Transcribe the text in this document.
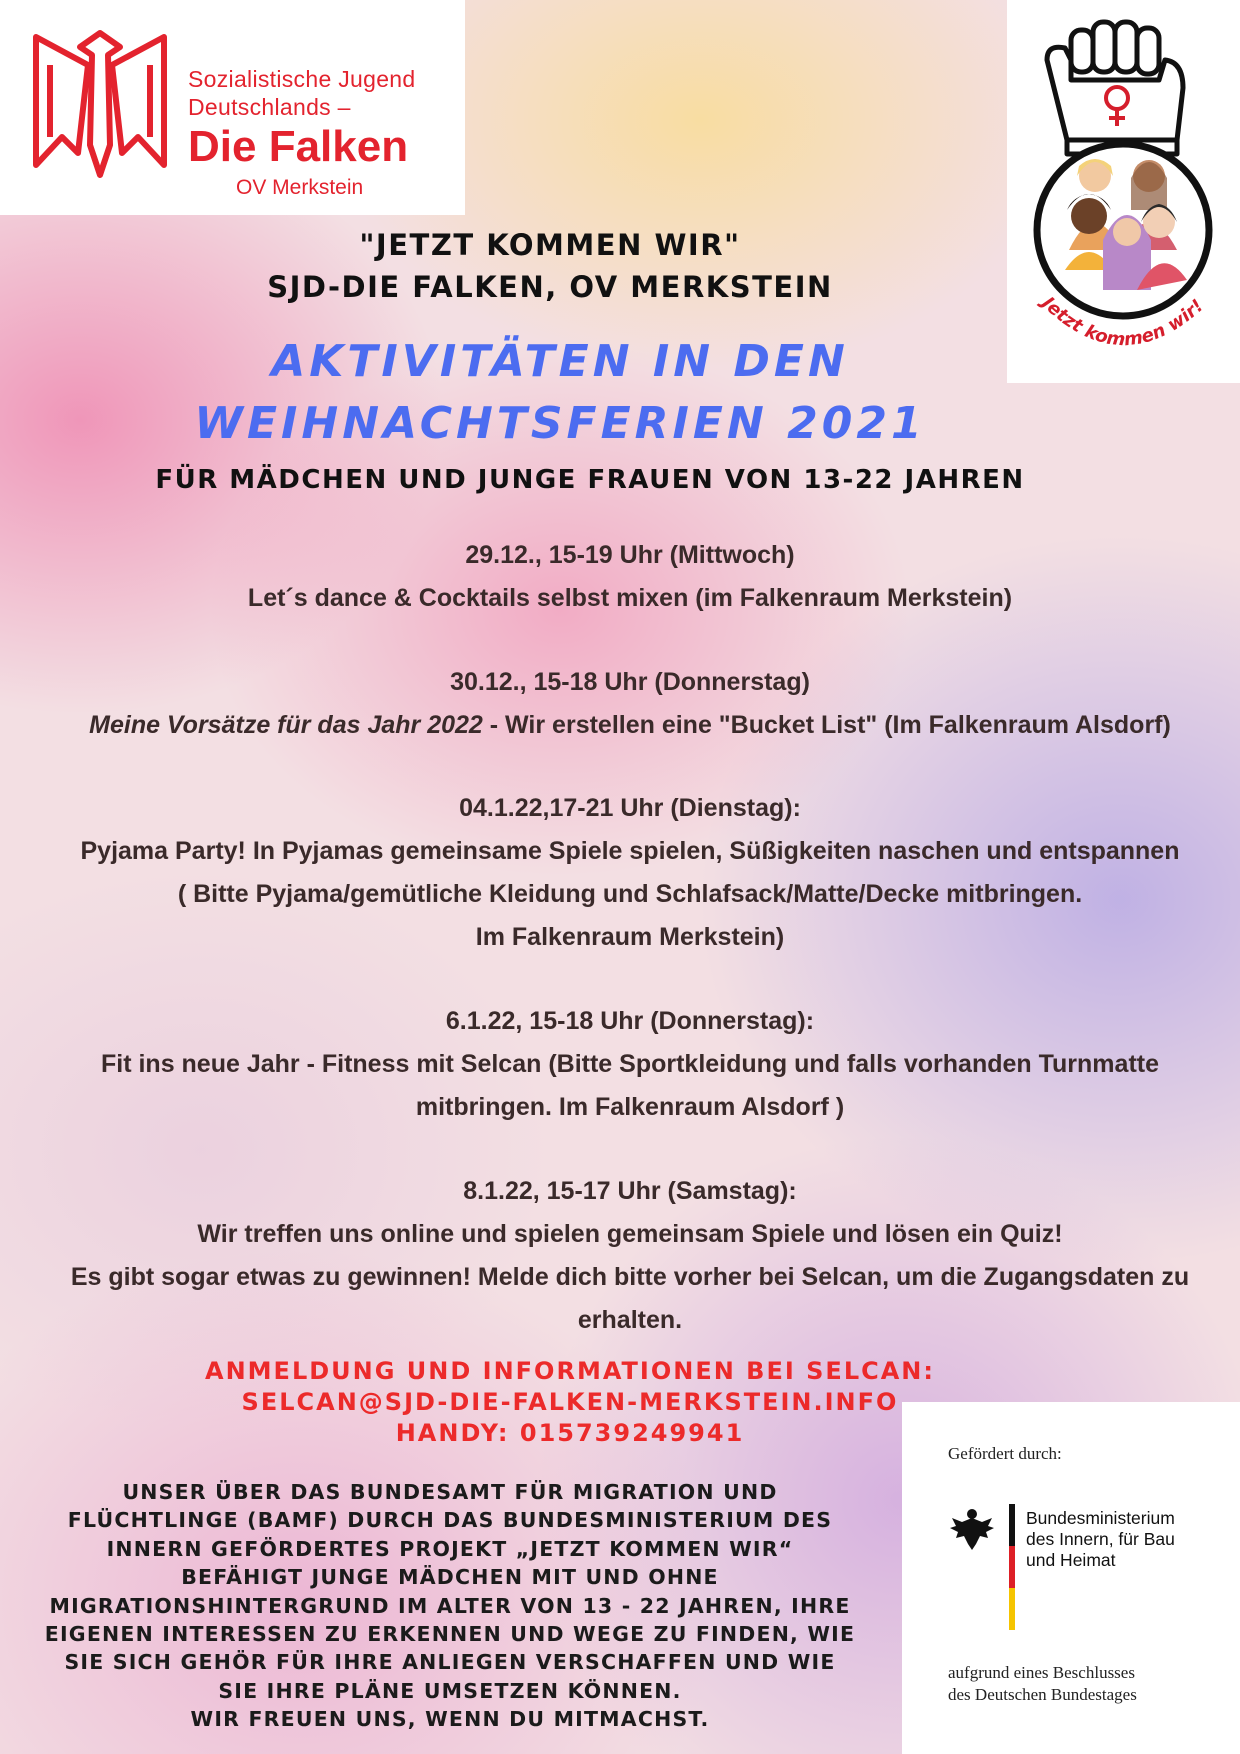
Sozialistische Jugend
Deutschlands –
Die Falken
OV Merkstein
Jetzt kommen wir!
"JETZT KOMMEN WIR"
SJD-DIE FALKEN, OV MERKSTEIN
AKTIVITÄTEN IN DEN
WEIHNACHTSFERIEN 2021
FÜR MÄDCHEN UND JUNGE FRAUEN VON 13-22 JAHREN
29.12., 15-19 Uhr (Mittwoch)
Let´s dance & Cocktails selbst mixen (im Falkenraum Merkstein)
30.12., 15-18 Uhr (Donnerstag)
Meine Vorsätze für das Jahr 2022 - Wir erstellen eine "Bucket List" (Im Falkenraum Alsdorf)
04.1.22,17-21 Uhr (Dienstag):
Pyjama Party! In Pyjamas gemeinsame Spiele spielen, Süßigkeiten naschen und entspannen
( Bitte Pyjama/gemütliche Kleidung und Schlafsack/Matte/Decke mitbringen.
Im Falkenraum Merkstein)
6.1.22, 15-18 Uhr (Donnerstag):
Fit ins neue Jahr - Fitness mit Selcan (Bitte Sportkleidung und falls vorhanden Turnmatte
mitbringen. Im Falkenraum Alsdorf )
8.1.22, 15-17 Uhr (Samstag):
Wir treffen uns online und spielen gemeinsam Spiele und lösen ein Quiz!
Es gibt sogar etwas zu gewinnen! Melde dich bitte vorher bei Selcan, um die Zugangsdaten zu
erhalten.
ANMELDUNG UND INFORMATIONEN BEI SELCAN:
SELCAN@SJD-DIE-FALKEN-MERKSTEIN.INFO
HANDY: 015739249941
UNSER ÜBER DAS BUNDESAMT FÜR MIGRATION UND
FLÜCHTLINGE (BAMF) DURCH DAS BUNDESMINISTERIUM DES
INNERN GEFÖRDERTES PROJEKT „JETZT KOMMEN WIR“
BEFÄHIGT JUNGE MÄDCHEN MIT UND OHNE
MIGRATIONSHINTERGRUND IM ALTER VON 13 - 22 JAHREN, IHRE
EIGENEN INTERESSEN ZU ERKENNEN UND WEGE ZU FINDEN, WIE
SIE SICH GEHÖR FÜR IHRE ANLIEGEN VERSCHAFFEN UND WIE
SIE IHRE PLÄNE UMSETZEN KÖNNEN.
WIR FREUEN UNS, WENN DU MITMACHST.
Gefördert durch:
Bundesministerium
des Innern, für Bau
und Heimat
aufgrund eines Beschlusses
des Deutschen Bundestages
